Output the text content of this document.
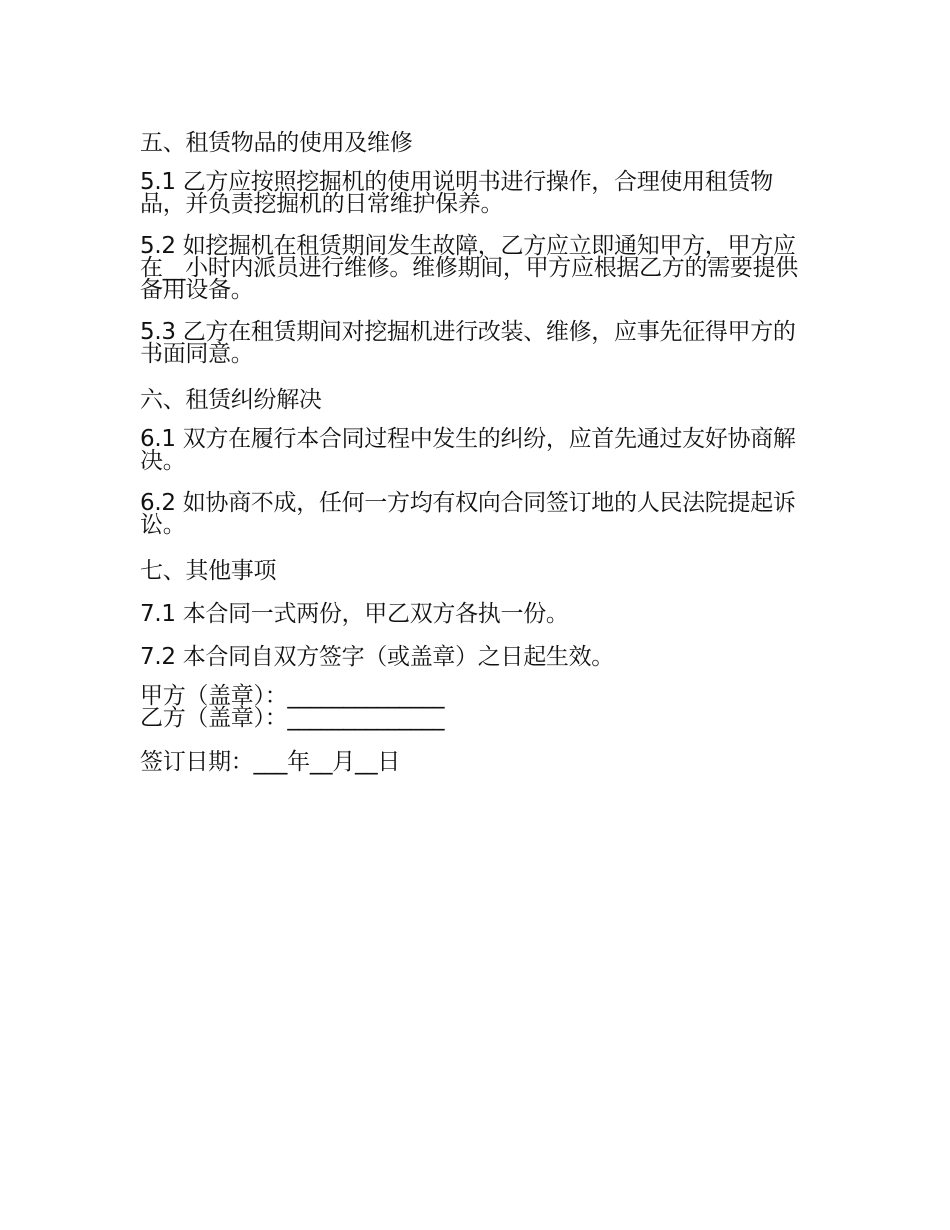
五、租赁物品的使用及维修

5.1 乙方应按照挖掘机的使用说明书进行操作，合理使用租赁物品，并负责挖掘机的日常维护保养。

5.2 如挖掘机在租赁期间发生故障，乙方应立即通知甲方，甲方应在__小时内派员进行维修。维修期间，甲方应根据乙方的需要提供备用设备。

5.3 乙方在租赁期间对挖掘机进行改装、维修，应事先征得甲方的书面同意。

六、租赁纠纷解决

6.1 双方在履行本合同过程中发生的纠纷，应首先通过友好协商解决。

6.2 如协商不成，任何一方均有权向合同签订地的人民法院提起诉讼。

七、其他事项

7.1 本合同一式两份，甲乙双方各执一份。

7.2 本合同自双方签字（或盖章）之日起生效。

甲方（盖章）：______________

乙方（盖章）：______________

签订日期：___年__月__日
